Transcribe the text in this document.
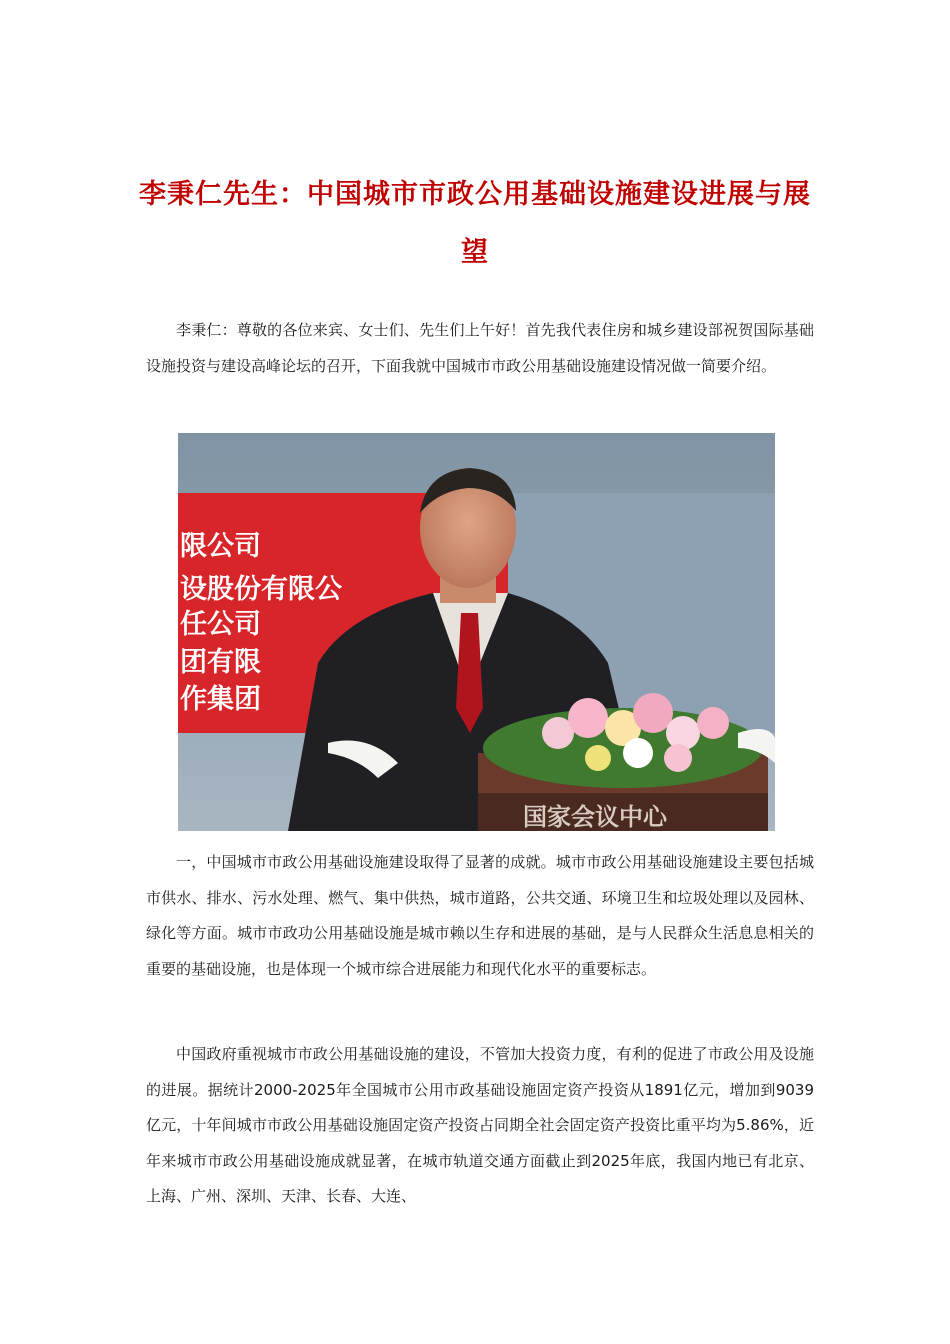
李秉仁先生：中国城市市政公用基础设施建设进展与展望

李秉仁：尊敬的各位来宾、女士们、先生们上午好！首先我代表住房和城乡建设部祝贺国际基础设施投资与建设高峰论坛的召开，下面我就中国城市市政公用基础设施建设情况做一简要介绍。

限公司
设股份有限公
任公司
团有限
作集团
国家会议中心

一，中国城市市政公用基础设施建设取得了显著的成就。城市市政公用基础设施建设主要包括城市供水、排水、污水处理、燃气、集中供热，城市道路，公共交通、环境卫生和垃圾处理以及园林、绿化等方面。城市市政功公用基础设施是城市赖以生存和进展的基础，是与人民群众生活息息相关的重要的基础设施，也是体现一个城市综合进展能力和现代化水平的重要标志。

中国政府重视城市市政公用基础设施的建设，不管加大投资力度，有利的促进了市政公用及设施的进展。据统计2000-2025年全国城市公用市政基础设施固定资产投资从1891亿元，增加到9039亿元，十年间城市市政公用基础设施固定资产投资占同期全社会固定资产投资比重平均为5.86%，近年来城市市政公用基础设施成就显著，在城市轨道交通方面截止到2025年底，我国内地已有北京、上海、广州、深圳、天津、长春、大连、
